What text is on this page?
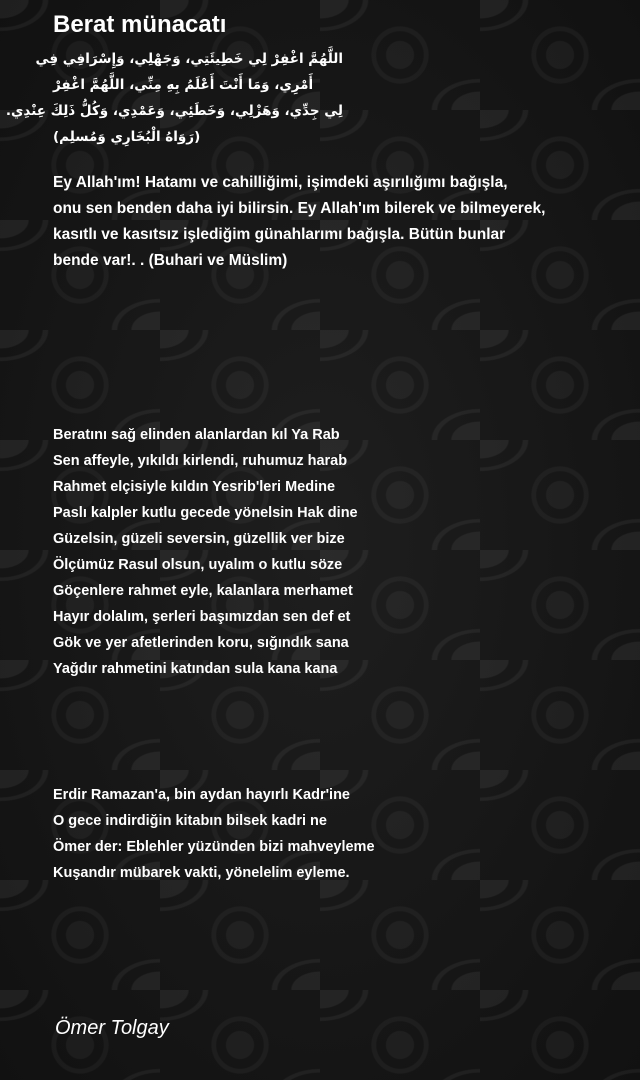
Berat münacatı
اللَّهُمَّ اغْفِرْ لِي خَطِيئَتِي، وَجَهْلِي، وَإِسْرَافِي فِي
أَمْرِي، وَمَا أَنْتَ أَعْلَمُ بِهِ مِنِّي، اللَّهُمَّ اغْفِرْ
لِي جِدِّي، وَهَزْلِي، وَخَطَئِي، وَعَمْدِي، وَكُلُّ ذَلِكَ عِنْدِي.
(رَوَاهُ الْبُخَارِي وَمُسلِم)
Ey Allah'ım! Hatamı ve cahilliğimi, işimdeki aşırılığımı bağışla,
onu sen benden daha iyi bilirsin. Ey Allah'ım bilerek ve bilmeyerek,
kasıtlı ve kasıtsız işlediğim günahlarımı bağışla. Bütün bunlar
bende var!. . (Buhari ve Müslim)
Beratını sağ elinden alanlardan kıl Ya Rab
Sen affeyle, yıkıldı kirlendi, ruhumuz harab
Rahmet elçisiyle kıldın Yesrib'leri Medine
Paslı kalpler kutlu gecede yönelsin Hak dine
Güzelsin, güzeli seversin, güzellik ver bize
Ölçümüz Rasul olsun, uyalım o kutlu söze
Göçenlere rahmet eyle, kalanlara merhamet
Hayır dolalım, şerleri başımızdan sen def et
Gök ve yer afetlerinden koru, sığındık sana
Yağdır rahmetini katından sula kana kana
Erdir Ramazan'a, bin aydan hayırlı Kadr'ine
O gece indirdiğin kitabın bilsek kadri ne
Ömer der: Eblehler yüzünden bizi mahveyleme
Kuşandır mübarek vakti, yönelelim eyleme.
Ömer Tolgay
